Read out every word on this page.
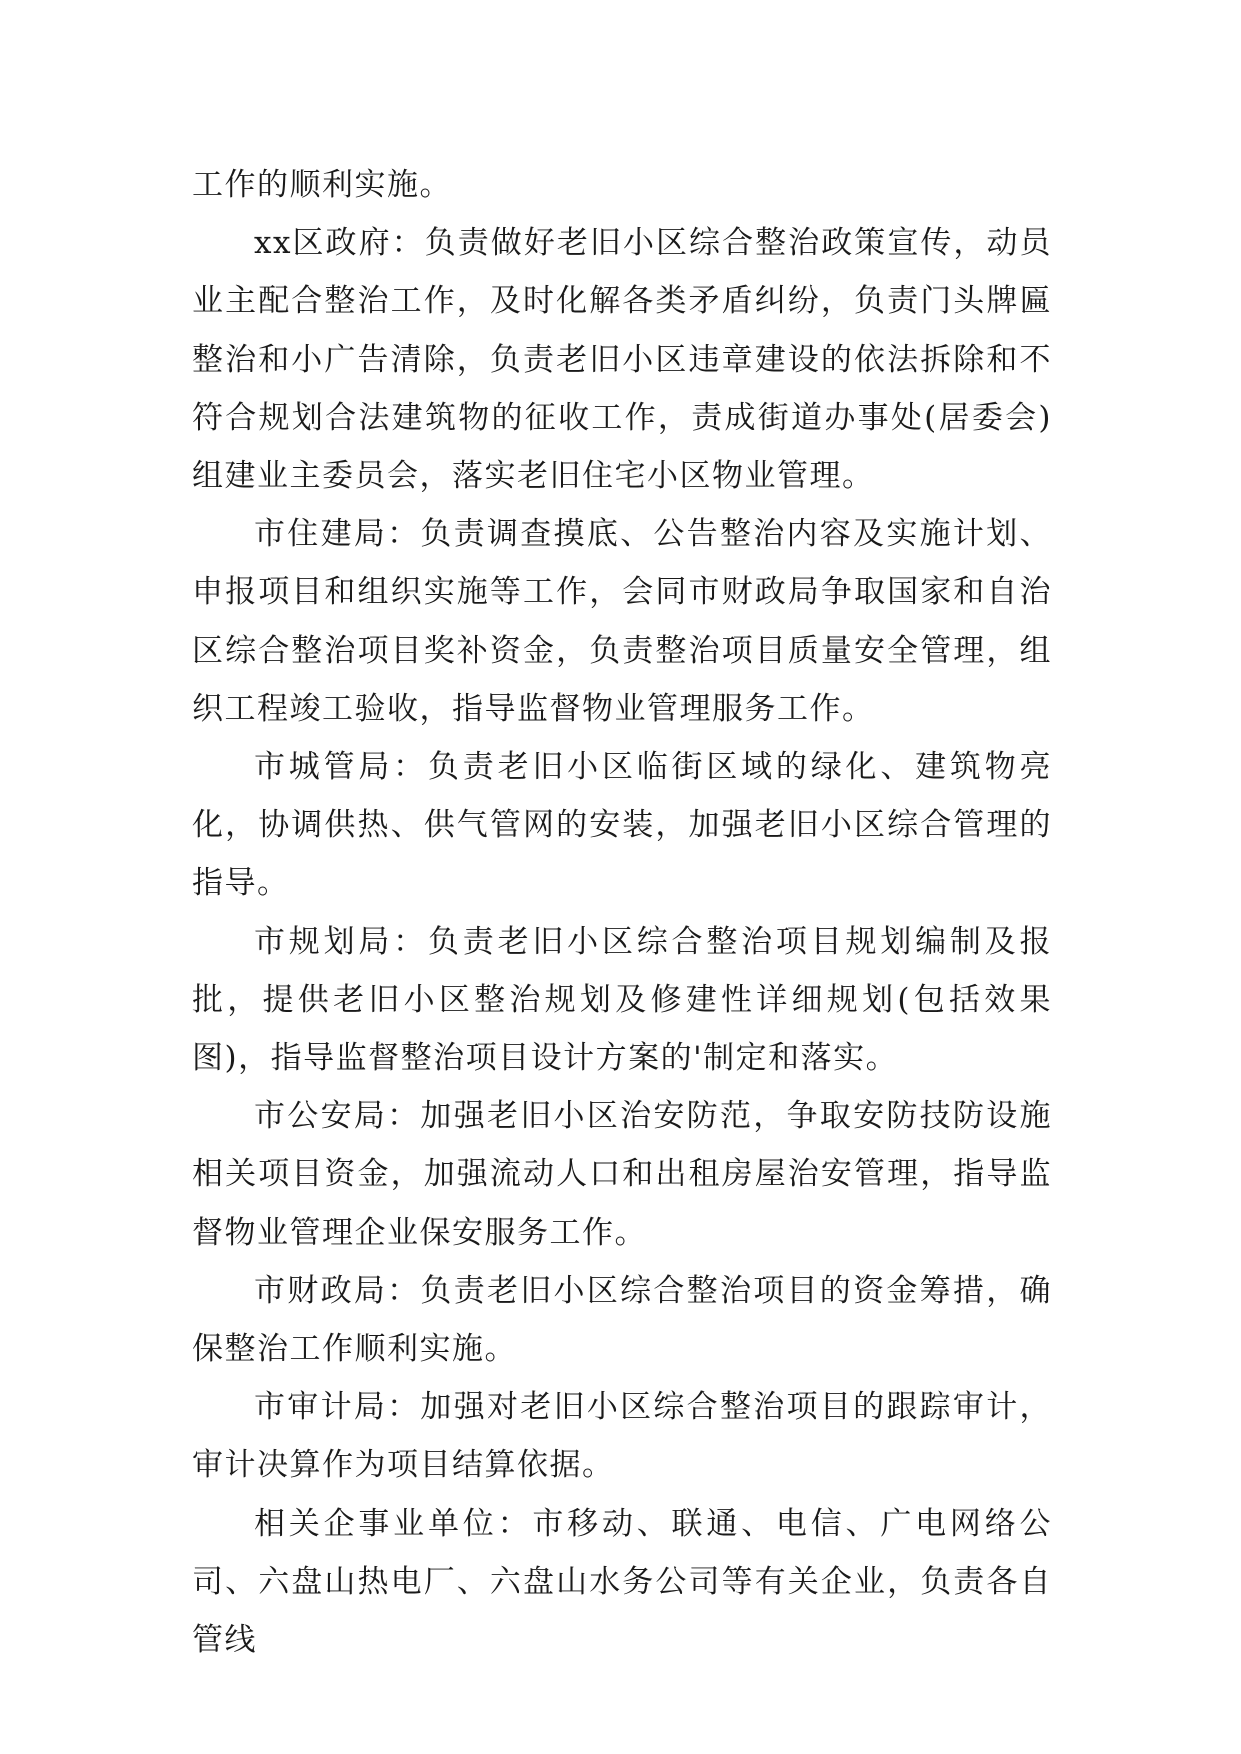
工作的顺利实施。

xx区政府：负责做好老旧小区综合整治政策宣传，动员业主配合整治工作，及时化解各类矛盾纠纷，负责门头牌匾整治和小广告清除，负责老旧小区违章建设的依法拆除和不符合规划合法建筑物的征收工作，责成街道办事处(居委会)组建业主委员会，落实老旧住宅小区物业管理。

市住建局：负责调查摸底、公告整治内容及实施计划、申报项目和组织实施等工作，会同市财政局争取国家和自治区综合整治项目奖补资金，负责整治项目质量安全管理，组织工程竣工验收，指导监督物业管理服务工作。

市城管局：负责老旧小区临街区域的绿化、建筑物亮化，协调供热、供气管网的安装，加强老旧小区综合管理的指导。

市规划局：负责老旧小区综合整治项目规划编制及报批，提供老旧小区整治规划及修建性详细规划(包括效果图)，指导监督整治项目设计方案的'制定和落实。

市公安局：加强老旧小区治安防范，争取安防技防设施相关项目资金，加强流动人口和出租房屋治安管理，指导监督物业管理企业保安服务工作。

市财政局：负责老旧小区综合整治项目的资金筹措，确保整治工作顺利实施。

市审计局：加强对老旧小区综合整治项目的跟踪审计，审计决算作为项目结算依据。

相关企事业单位：市移动、联通、电信、广电网络公司、六盘山热电厂、六盘山水务公司等有关企业，负责各自管线
